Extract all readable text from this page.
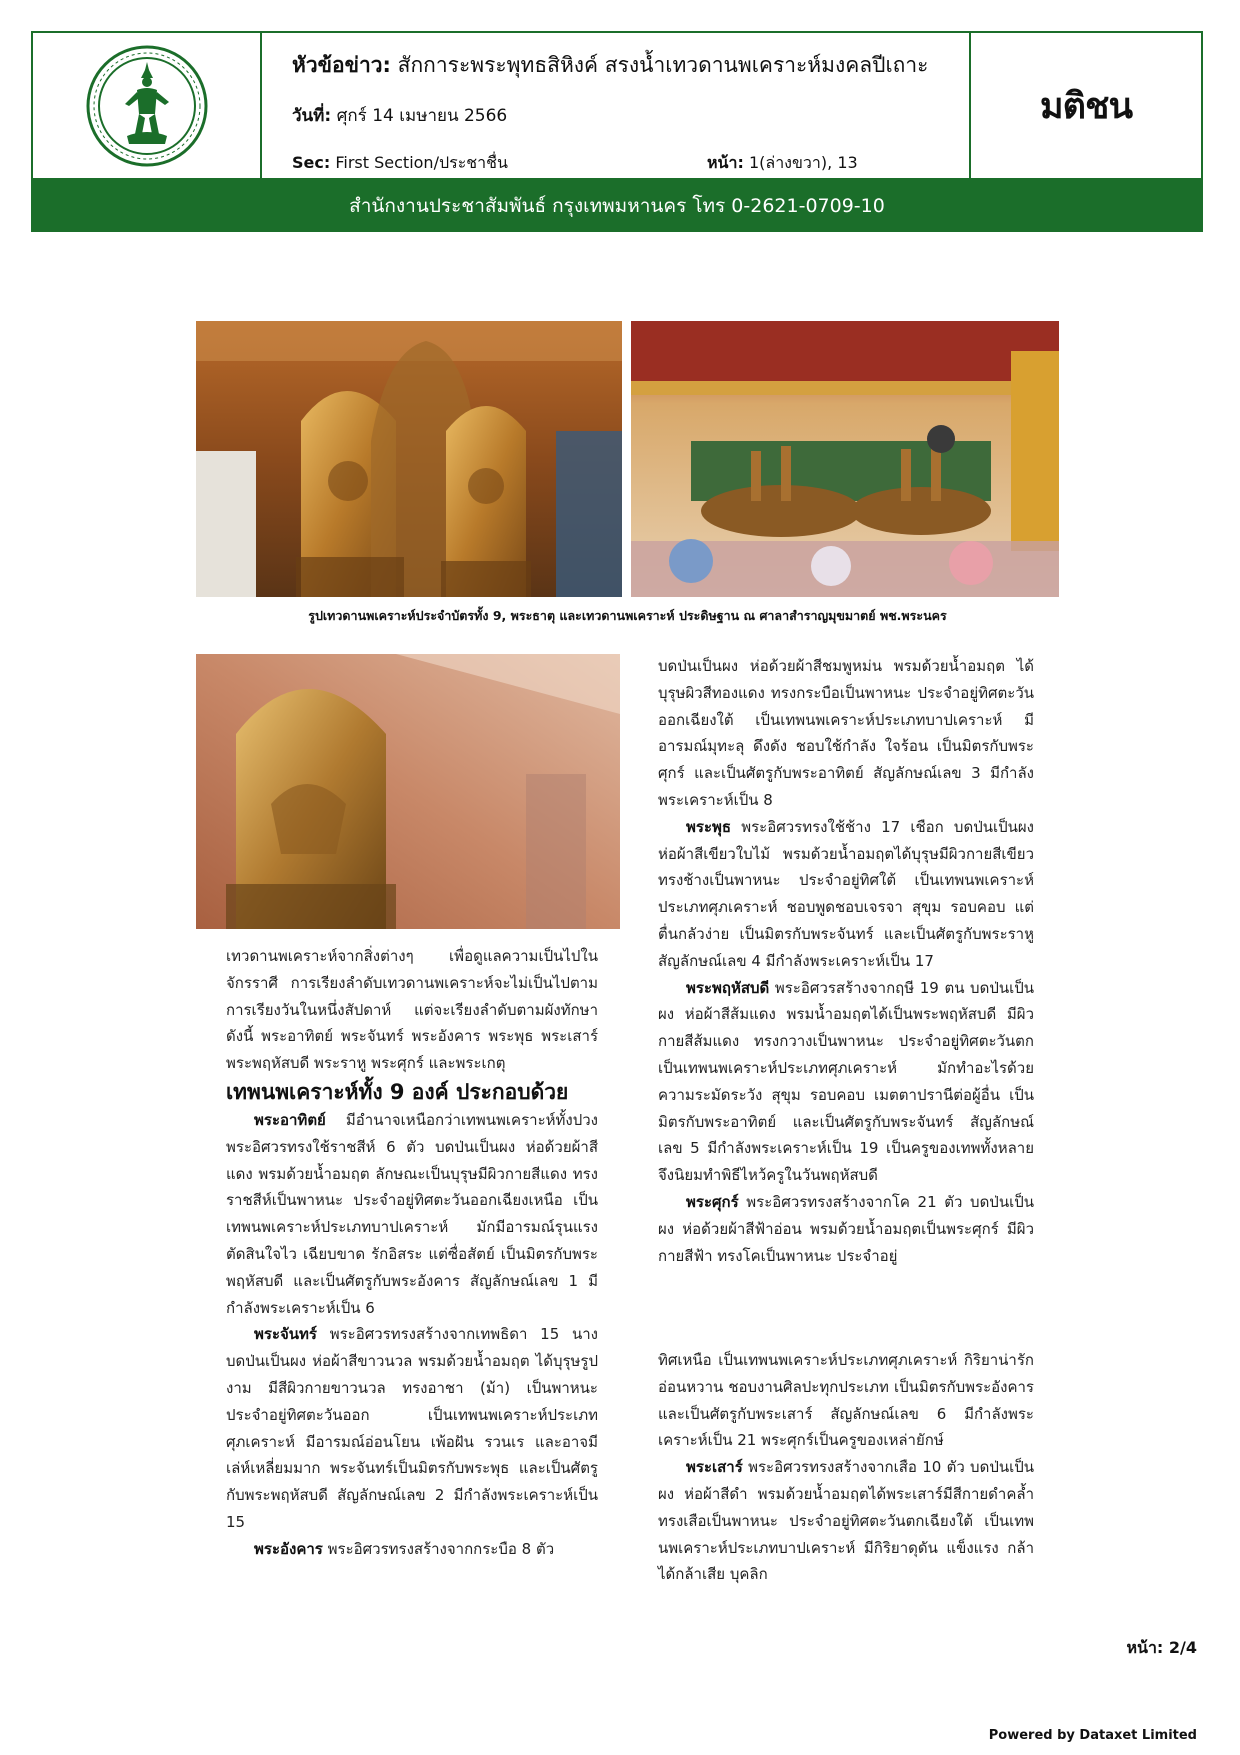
หัวข้อข่าว: สักการะพระพุทธสิหิงค์ สรงน้ำเทวดานพเคราะห์มงคลปีเถาะ
วันที่: ศุกร์ 14 เมษายน 2566
Sec: First Section/ประชาชื่น	หน้า: 1(ล่างขวา), 13
มติชน
สำนักงานประชาสัมพันธ์ กรุงเทพมหานคร โทร 0-2621-0709-10
รูปเทวดานพเคราะห์ประจำบัตรทั้ง 9, พระธาตุ และเทวดานพเคราะห์ ประดิษฐาน ณ ศาลาสำราญมุขมาตย์ พช.พระนคร

เทวดานพเคราะห์จากสิ่งต่างๆ เพื่อดูแลความเป็นไปในจักรราศี การเรียงลำดับเทวดานพเคราะห์จะไม่เป็นไปตามการเรียงวันในหนึ่งสัปดาห์ แต่จะเรียงลำดับตามผังทักษา ดังนี้ พระอาทิตย์ พระจันทร์ พระอังคาร พระพุธ พระเสาร์ พระพฤหัสบดี พระราหู พระศุกร์ และพระเกตุ

เทพนพเคราะห์ทั้ง 9 องค์ ประกอบด้วย

พระอาทิตย์ มีอำนาจเหนือกว่าเทพนพเคราะห์ทั้งปวง พระอิศวรทรงใช้ราชสีห์ 6 ตัว บดป่นเป็นผง ห่อด้วยผ้าสีแดง พรมด้วยน้ำอมฤต ลักษณะเป็นบุรุษมีผิวกายสีแดง ทรงราชสีห์เป็นพาหนะ ประจำอยู่ทิศตะวันออกเฉียงเหนือ เป็นเทพนพเคราะห์ประเภทบาปเคราะห์ มักมีอารมณ์รุนแรง ตัดสินใจไว เฉียบขาด รักอิสระ แต่ซื่อสัตย์ เป็นมิตรกับพระพฤหัสบดี และเป็นศัตรูกับพระอังคาร สัญลักษณ์เลข 1 มีกำลังพระเคราะห์เป็น 6

พระจันทร์ พระอิศวรทรงสร้างจากเทพธิดา 15 นาง บดป่นเป็นผง ห่อผ้าสีขาวนวล พรมด้วยน้ำอมฤต ได้บุรุษรูปงาม มีสีผิวกายขาวนวล ทรงอาชา (ม้า) เป็นพาหนะ ประจำอยู่ทิศตะวันออก เป็นเทพนพเคราะห์ประเภทศุภเคราะห์ มีอารมณ์อ่อนโยน เพ้อฝัน รวนเร และอาจมีเล่ห์เหลี่ยมมาก พระจันทร์เป็นมิตรกับพระพุธ และเป็นศัตรูกับพระพฤหัสบดี สัญลักษณ์เลข 2 มีกำลังพระเคราะห์เป็น 15

พระอังคาร พระอิศวรทรงสร้างจากกระบือ 8 ตัว

บดป่นเป็นผง ห่อด้วยผ้าสีชมพูหม่น พรมด้วยน้ำอมฤต ได้บุรุษผิวสีทองแดง ทรงกระบือเป็นพาหนะ ประจำอยู่ทิศตะวันออกเฉียงใต้ เป็นเทพนพเคราะห์ประเภทบาปเคราะห์ มีอารมณ์มุทะลุ ดึงดัง ชอบใช้กำลัง ใจร้อน เป็นมิตรกับพระศุกร์ และเป็นศัตรูกับพระอาทิตย์ สัญลักษณ์เลข 3 มีกำลังพระเคราะห์เป็น 8

พระพุธ พระอิศวรทรงใช้ช้าง 17 เชือก บดป่นเป็นผง ห่อผ้าสีเขียวใบไม้ พรมด้วยน้ำอมฤตได้บุรุษมีผิวกายสีเขียว ทรงช้างเป็นพาหนะ ประจำอยู่ทิศใต้ เป็นเทพนพเคราะห์ประเภทศุภเคราะห์ ชอบพูดชอบเจรจา สุขุม รอบคอบ แต่ตื่นกลัวง่าย เป็นมิตรกับพระจันทร์ และเป็นศัตรูกับพระราหู สัญลักษณ์เลข 4 มีกำลังพระเคราะห์เป็น 17

พระพฤหัสบดี พระอิศวรสร้างจากฤษี 19 ตน บดป่นเป็นผง ห่อผ้าสีส้มแดง พรมน้ำอมฤตได้เป็นพระพฤหัสบดี มีผิวกายสีส้มแดง ทรงกวางเป็นพาหนะ ประจำอยู่ทิศตะวันตก เป็นเทพนพเคราะห์ประเภทศุภเคราะห์ มักทำอะไรด้วยความระมัดระวัง สุขุม รอบคอบ เมตตาปรานีต่อผู้อื่น เป็นมิตรกับพระอาทิตย์ และเป็นศัตรูกับพระจันทร์ สัญลักษณ์เลข 5 มีกำลังพระเคราะห์เป็น 19 เป็นครูของเทพทั้งหลาย จึงนิยมทำพิธีไหว้ครูในวันพฤหัสบดี

พระศุกร์ พระอิศวรทรงสร้างจากโค 21 ตัว บดป่นเป็นผง ห่อด้วยผ้าสีฟ้าอ่อน พรมด้วยน้ำอมฤตเป็นพระศุกร์ มีผิวกายสีฟ้า ทรงโคเป็นพาหนะ ประจำอยู่

ทิศเหนือ เป็นเทพนพเคราะห์ประเภทศุภเคราะห์ กิริยาน่ารัก อ่อนหวาน ชอบงานศิลปะทุกประเภท เป็นมิตรกับพระอังคารและเป็นศัตรูกับพระเสาร์ สัญลักษณ์เลข 6 มีกำลังพระเคราะห์เป็น 21 พระศุกร์เป็นครูของเหล่ายักษ์

พระเสาร์ พระอิศวรทรงสร้างจากเสือ 10 ตัว บดป่นเป็นผง ห่อผ้าสีดำ พรมด้วยน้ำอมฤตได้พระเสาร์มีสีกายดำคล้ำ ทรงเสือเป็นพาหนะ ประจำอยู่ทิศตะวันตกเฉียงใต้ เป็นเทพนพเคราะห์ประเภทบาปเคราะห์ มีกิริยาดุดัน แข็งแรง กล้าได้กล้าเสีย บุคลิก

หน้า: 2/4
Powered by Dataxet Limited
